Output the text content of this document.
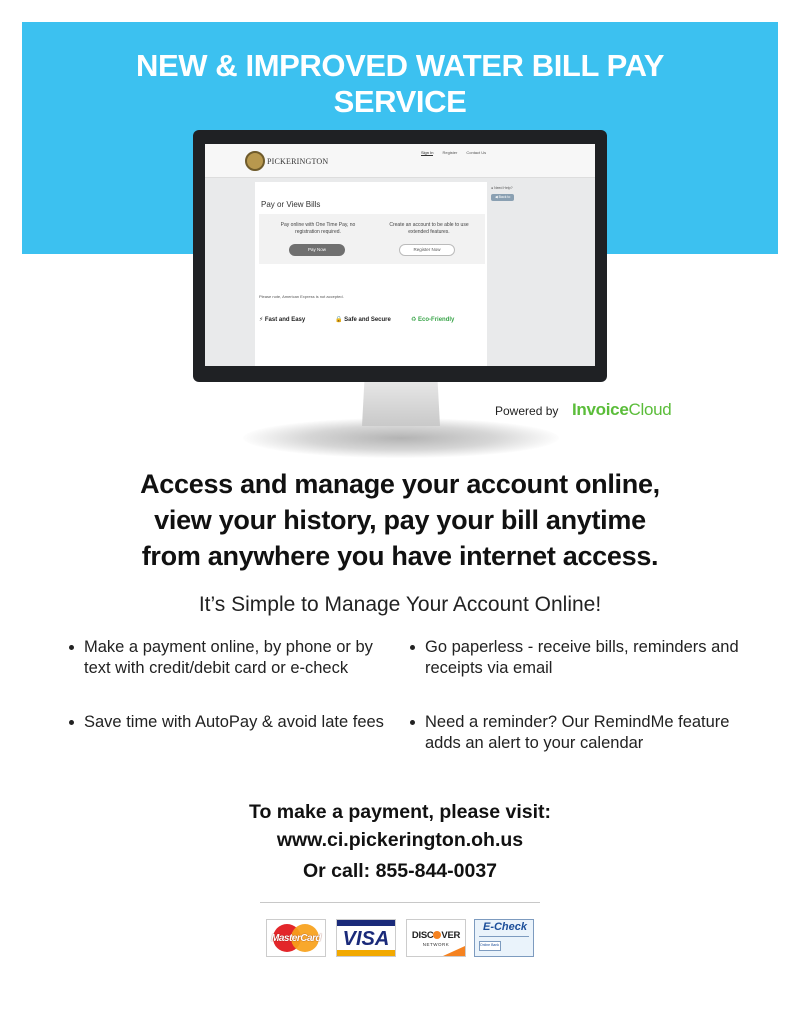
NEW & IMPROVED WATER BILL PAY
SERVICE
PICKERINGTON
Sign In Register Contact Us
Pay or View Bills
Pay online with One Time Pay, no registration required.
Create an account to be able to use extended features.
Pay Now	Register Now
Please note, American Express is not accepted.
⚡ Fast and Easy	🔒 Safe and Secure	♻ Eco-Friendly
● Need Help?
◀ Back to
Powered by InvoiceCloud
Access and manage your account online,
view your history, pay your bill anytime
from anywhere you have internet access.
It’s Simple to Manage Your Account Online!
Make a payment online, by phone or by text with credit/debit card or e-check
Go paperless - receive bills, reminders and receipts via email
Save time with AutoPay & avoid late fees Need a reminder? Our RemindMe feature adds an alert to your calendar
To make a payment, please visit:
www.ci.pickerington.oh.us
Or call: 855-844-0037
MasterCard VISA	DISC VER
NETWORK
E-Check
Online Bank
